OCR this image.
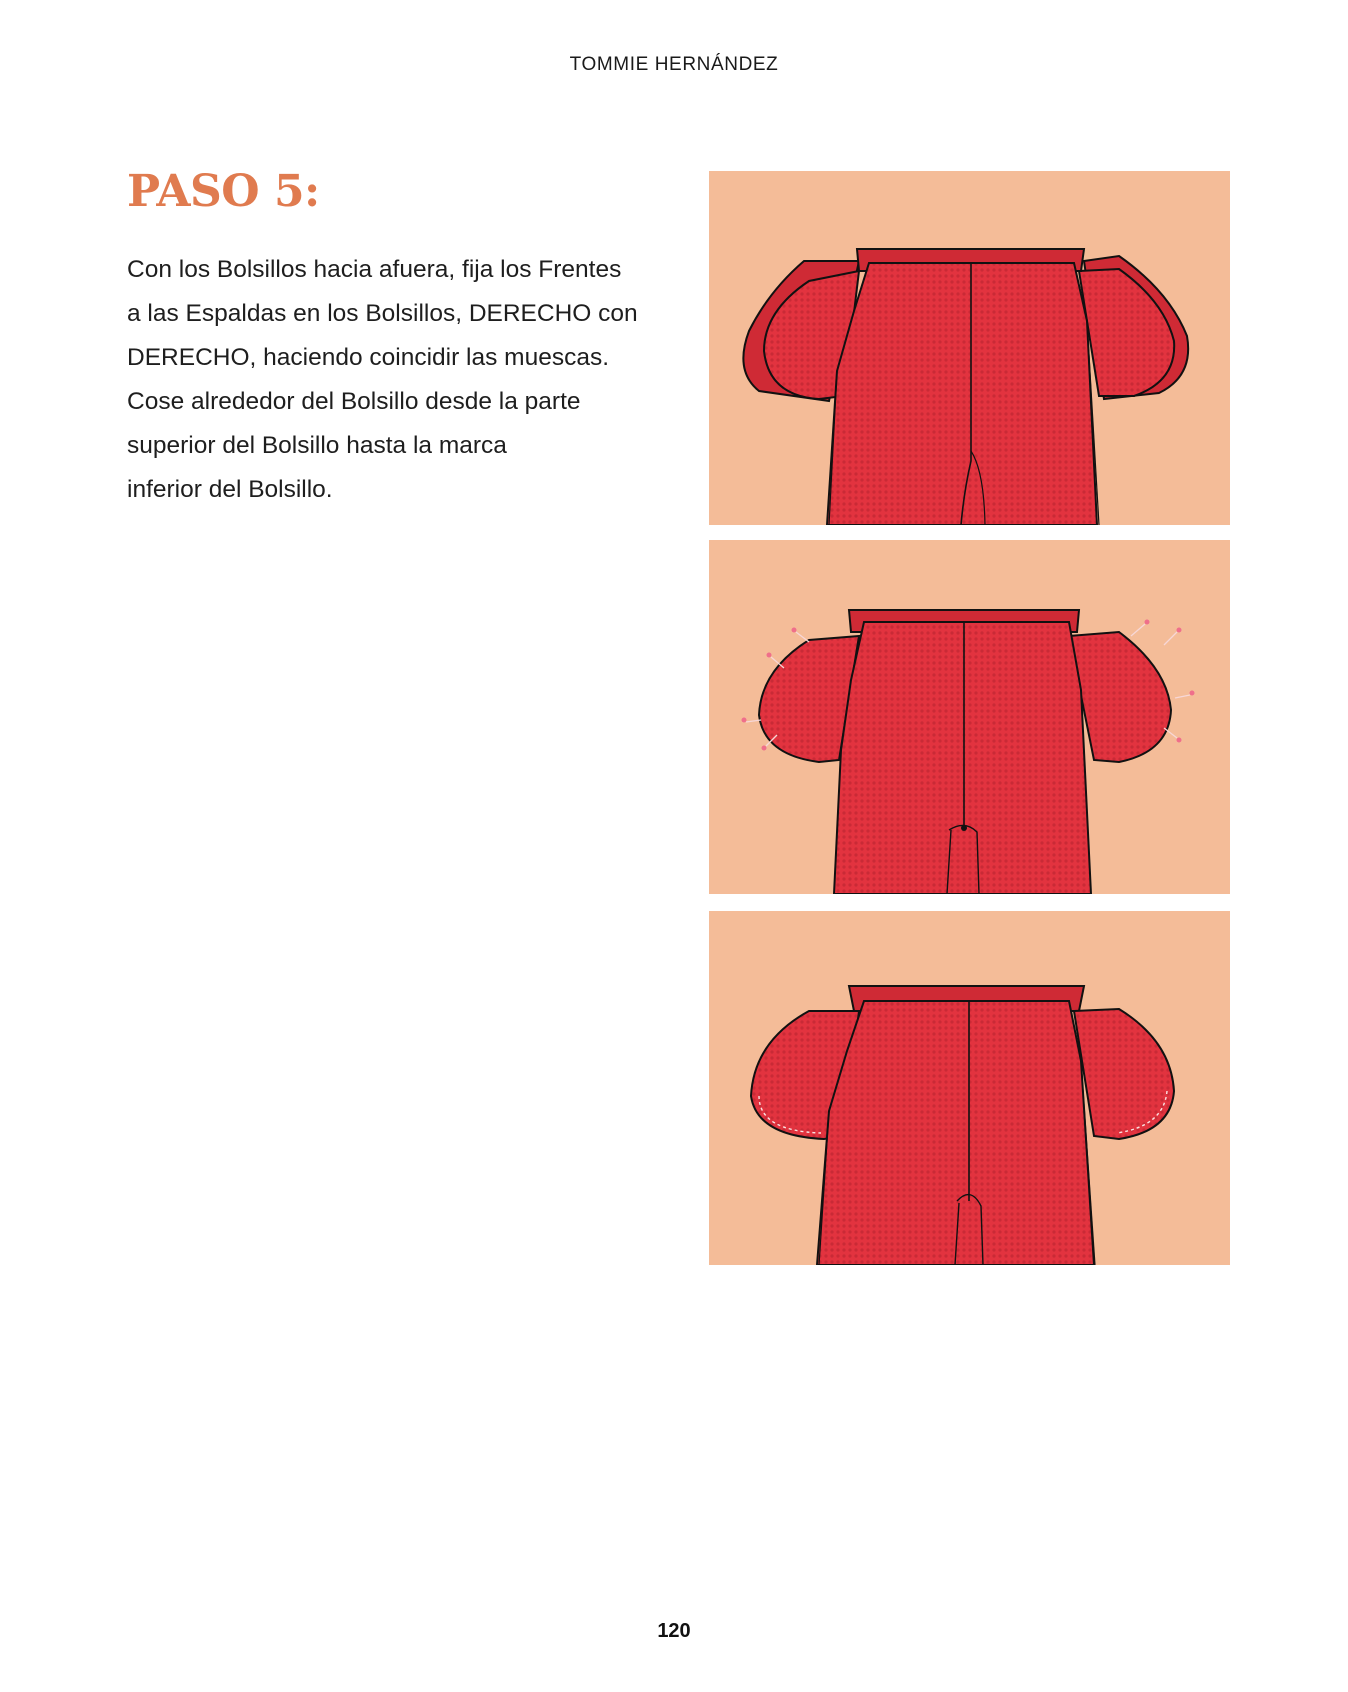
TOMMIE HERNÁNDEZ
PASO 5:

Con los Bolsillos hacia afuera, fija los Frentes
a las Espaldas en los Bolsillos, DERECHO con
DERECHO, haciendo coincidir las muescas.
Cose alrededor del Bolsillo desde la parte
superior del Bolsillo hasta la marca
inferior del Bolsillo.

120
